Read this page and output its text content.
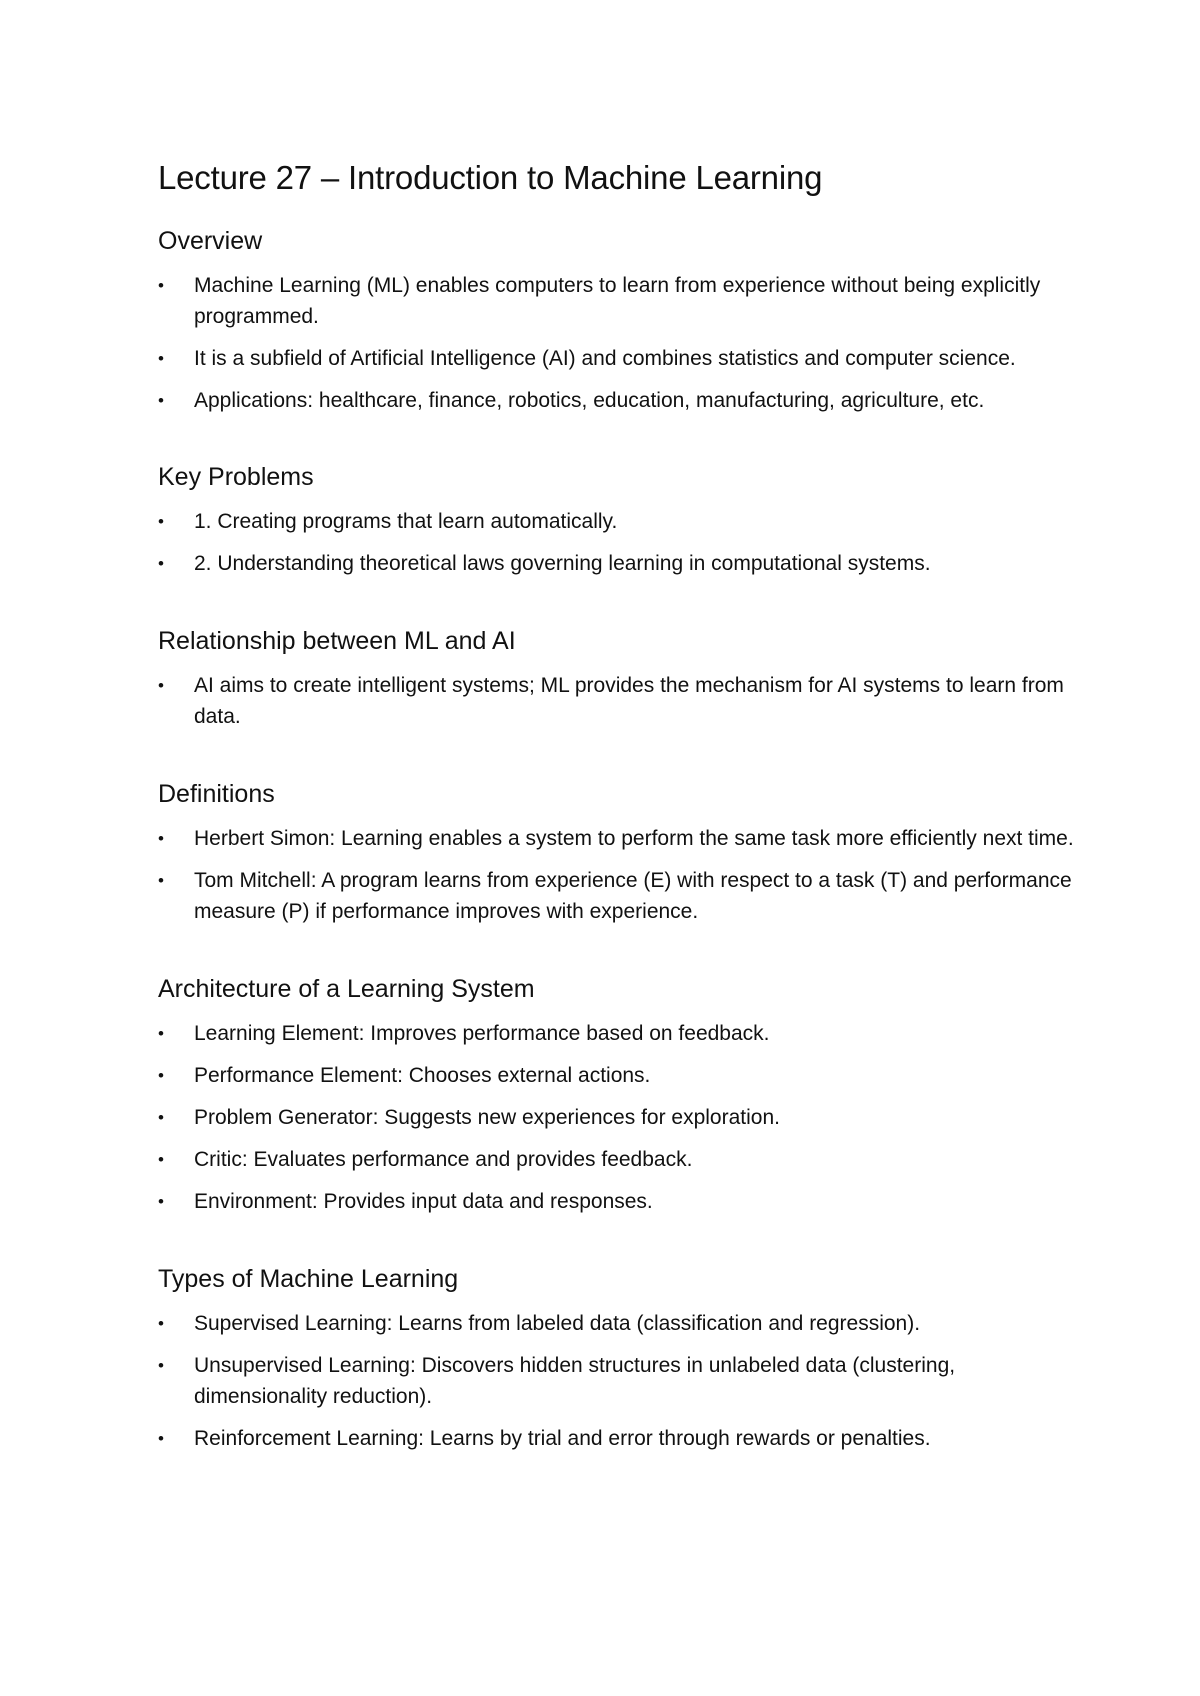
Lecture 27 – Introduction to Machine Learning
Overview
• Machine Learning (ML) enables computers to learn from experience without being explicitly programmed.
• It is a subfield of Artificial Intelligence (AI) and combines statistics and computer science.
• Applications: healthcare, finance, robotics, education, manufacturing, agriculture, etc.
Key Problems
• 1. Creating programs that learn automatically.
• 2. Understanding theoretical laws governing learning in computational systems.
Relationship between ML and AI
• AI aims to create intelligent systems; ML provides the mechanism for AI systems to learn from data.
Definitions
• Herbert Simon: Learning enables a system to perform the same task more efficiently next time.
• Tom Mitchell: A program learns from experience (E) with respect to a task (T) and performance measure (P) if performance improves with experience.
Architecture of a Learning System
• Learning Element: Improves performance based on feedback.
• Performance Element: Chooses external actions.
• Problem Generator: Suggests new experiences for exploration.
• Critic: Evaluates performance and provides feedback.
• Environment: Provides input data and responses.
Types of Machine Learning
• Supervised Learning: Learns from labeled data (classification and regression).
• Unsupervised Learning: Discovers hidden structures in unlabeled data (clustering, dimensionality reduction).
• Reinforcement Learning: Learns by trial and error through rewards or penalties.
